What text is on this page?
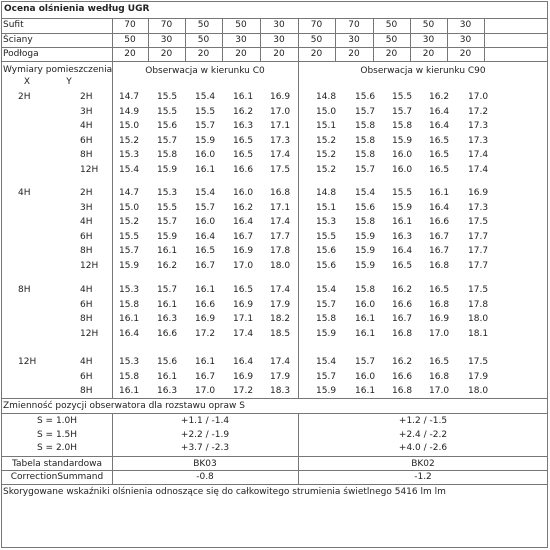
Ocena olśnienia według UGR
Sufit	70	70	50	50	30	70	70	50	50	30
Ściany	50	30	50	30	30	50	30	50	30	30
Podłoga	20	20	20	20	20	20	20	20	20	20
Wymiary pomieszczenia
X	Y
Obserwacja w kierunku C0	Obserwacja w kierunku C90
2H	2H	14.7	15.5	15.4	16.1	16.9	14.8	15.6	15.5	16.2	17.0
3H	14.9	15.5	15.5	16.2	17.0	15.0	15.7	15.7	16.4	17.2
4H	15.0	15.6	15.7	16.3	17.1	15.1	15.8	15.8	16.4	17.3
6H	15.2	15.7	15.9	16.5	17.3	15.2	15.8	15.9	16.5	17.3
8H	15.3	15.8	16.0	16.5	17.4	15.2	15.8	16.0	16.5	17.4
12H 15.4	15.9	16.1	16.6	17.5	15.2	15.7	16.0	16.5	17.4
4H	2H	14.7	15.3	15.4	16.0	16.8	14.8	15.4	15.5	16.1	16.9
3H	15.0	15.5	15.7	16.2	17.1	15.1	15.6	15.9	16.4	17.3
4H	15.2	15.7	16.0	16.4	17.4	15.3	15.8	16.1	16.6	17.5
6H	15.5	15.9	16.4	16.7	17.7	15.5	15.9	16.3	16.7	17.7
8H	15.7	16.1	16.5	16.9	17.8	15.6	15.9	16.4	16.7	17.7
12H 15.9	16.2	16.7	17.0	18.0	15.6	15.9	16.5	16.8	17.7
8H	4H	15.3	15.7	16.1	16.5	17.4	15.4	15.8	16.2	16.5	17.5
6H	15.8	16.1	16.6	16.9	17.9	15.7	16.0	16.6	16.8	17.8
8H	16.1	16.3	16.9	17.1	18.2	15.8	16.1	16.7	16.9	18.0
12H 16.4	16.6	17.2	17.4	18.5	15.9	16.1	16.8	17.0	18.1
12H	4H	15.3	15.6	16.1	16.4	17.4	15.4	15.7	16.2	16.5	17.5
6H	15.8	16.1	16.7	16.9	17.9	15.7	16.0	16.6	16.8	17.9
8H	16.1	16.3	17.0	17.2	18.3	15.9	16.1	16.8	17.0	18.0
Zmienność pozycji obserwatora dla rozstawu opraw S
S = 1.0H	+1.1 / -1.4	+1.2 / -1.5
S = 1.5H	+2.2 / -1.9	+2.4 / -2.2
S = 2.0H	+3.7 / -2.3	+4.0 / -2.6
Tabela standardowa	BK03	BK02
CorrectionSummand	-0.8	-1.2
Skorygowane wskaźniki olśnienia odnoszące się do całkowitego strumienia świetlnego 5416 lm lm
